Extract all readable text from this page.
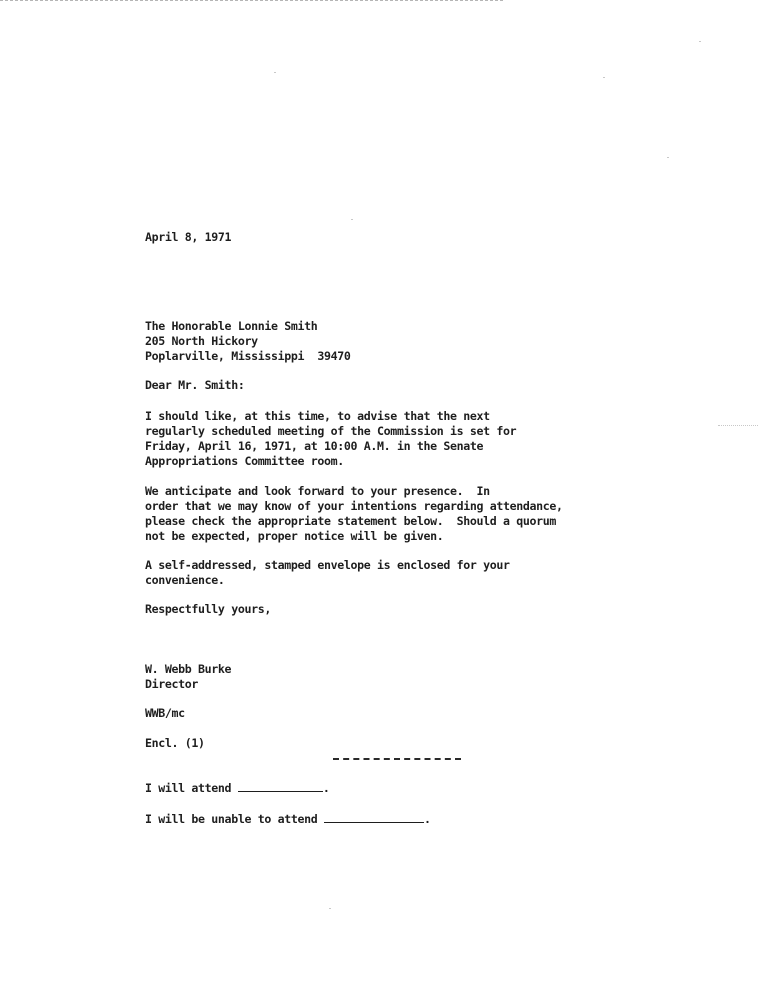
April 8, 1971

The Honorable Lonnie Smith

205 North Hickory

Poplarville, Mississippi  39470

Dear Mr. Smith:

I should like, at this time, to advise that the next

regularly scheduled meeting of the Commission is set for

Friday, April 16, 1971, at 10:00 A.M. in the Senate

Appropriations Committee room.

We anticipate and look forward to your presence.  In

order that we may know of your intentions regarding attendance,

please check the appropriate statement below.  Should a quorum

not be expected, proper notice will be given.

A self-addressed, stamped envelope is enclosed for your

convenience.

Respectfully yours,

W. Webb Burke

Director

WWB/mc

Encl. (1)

I will attend	.

I will be unable to attend	.
